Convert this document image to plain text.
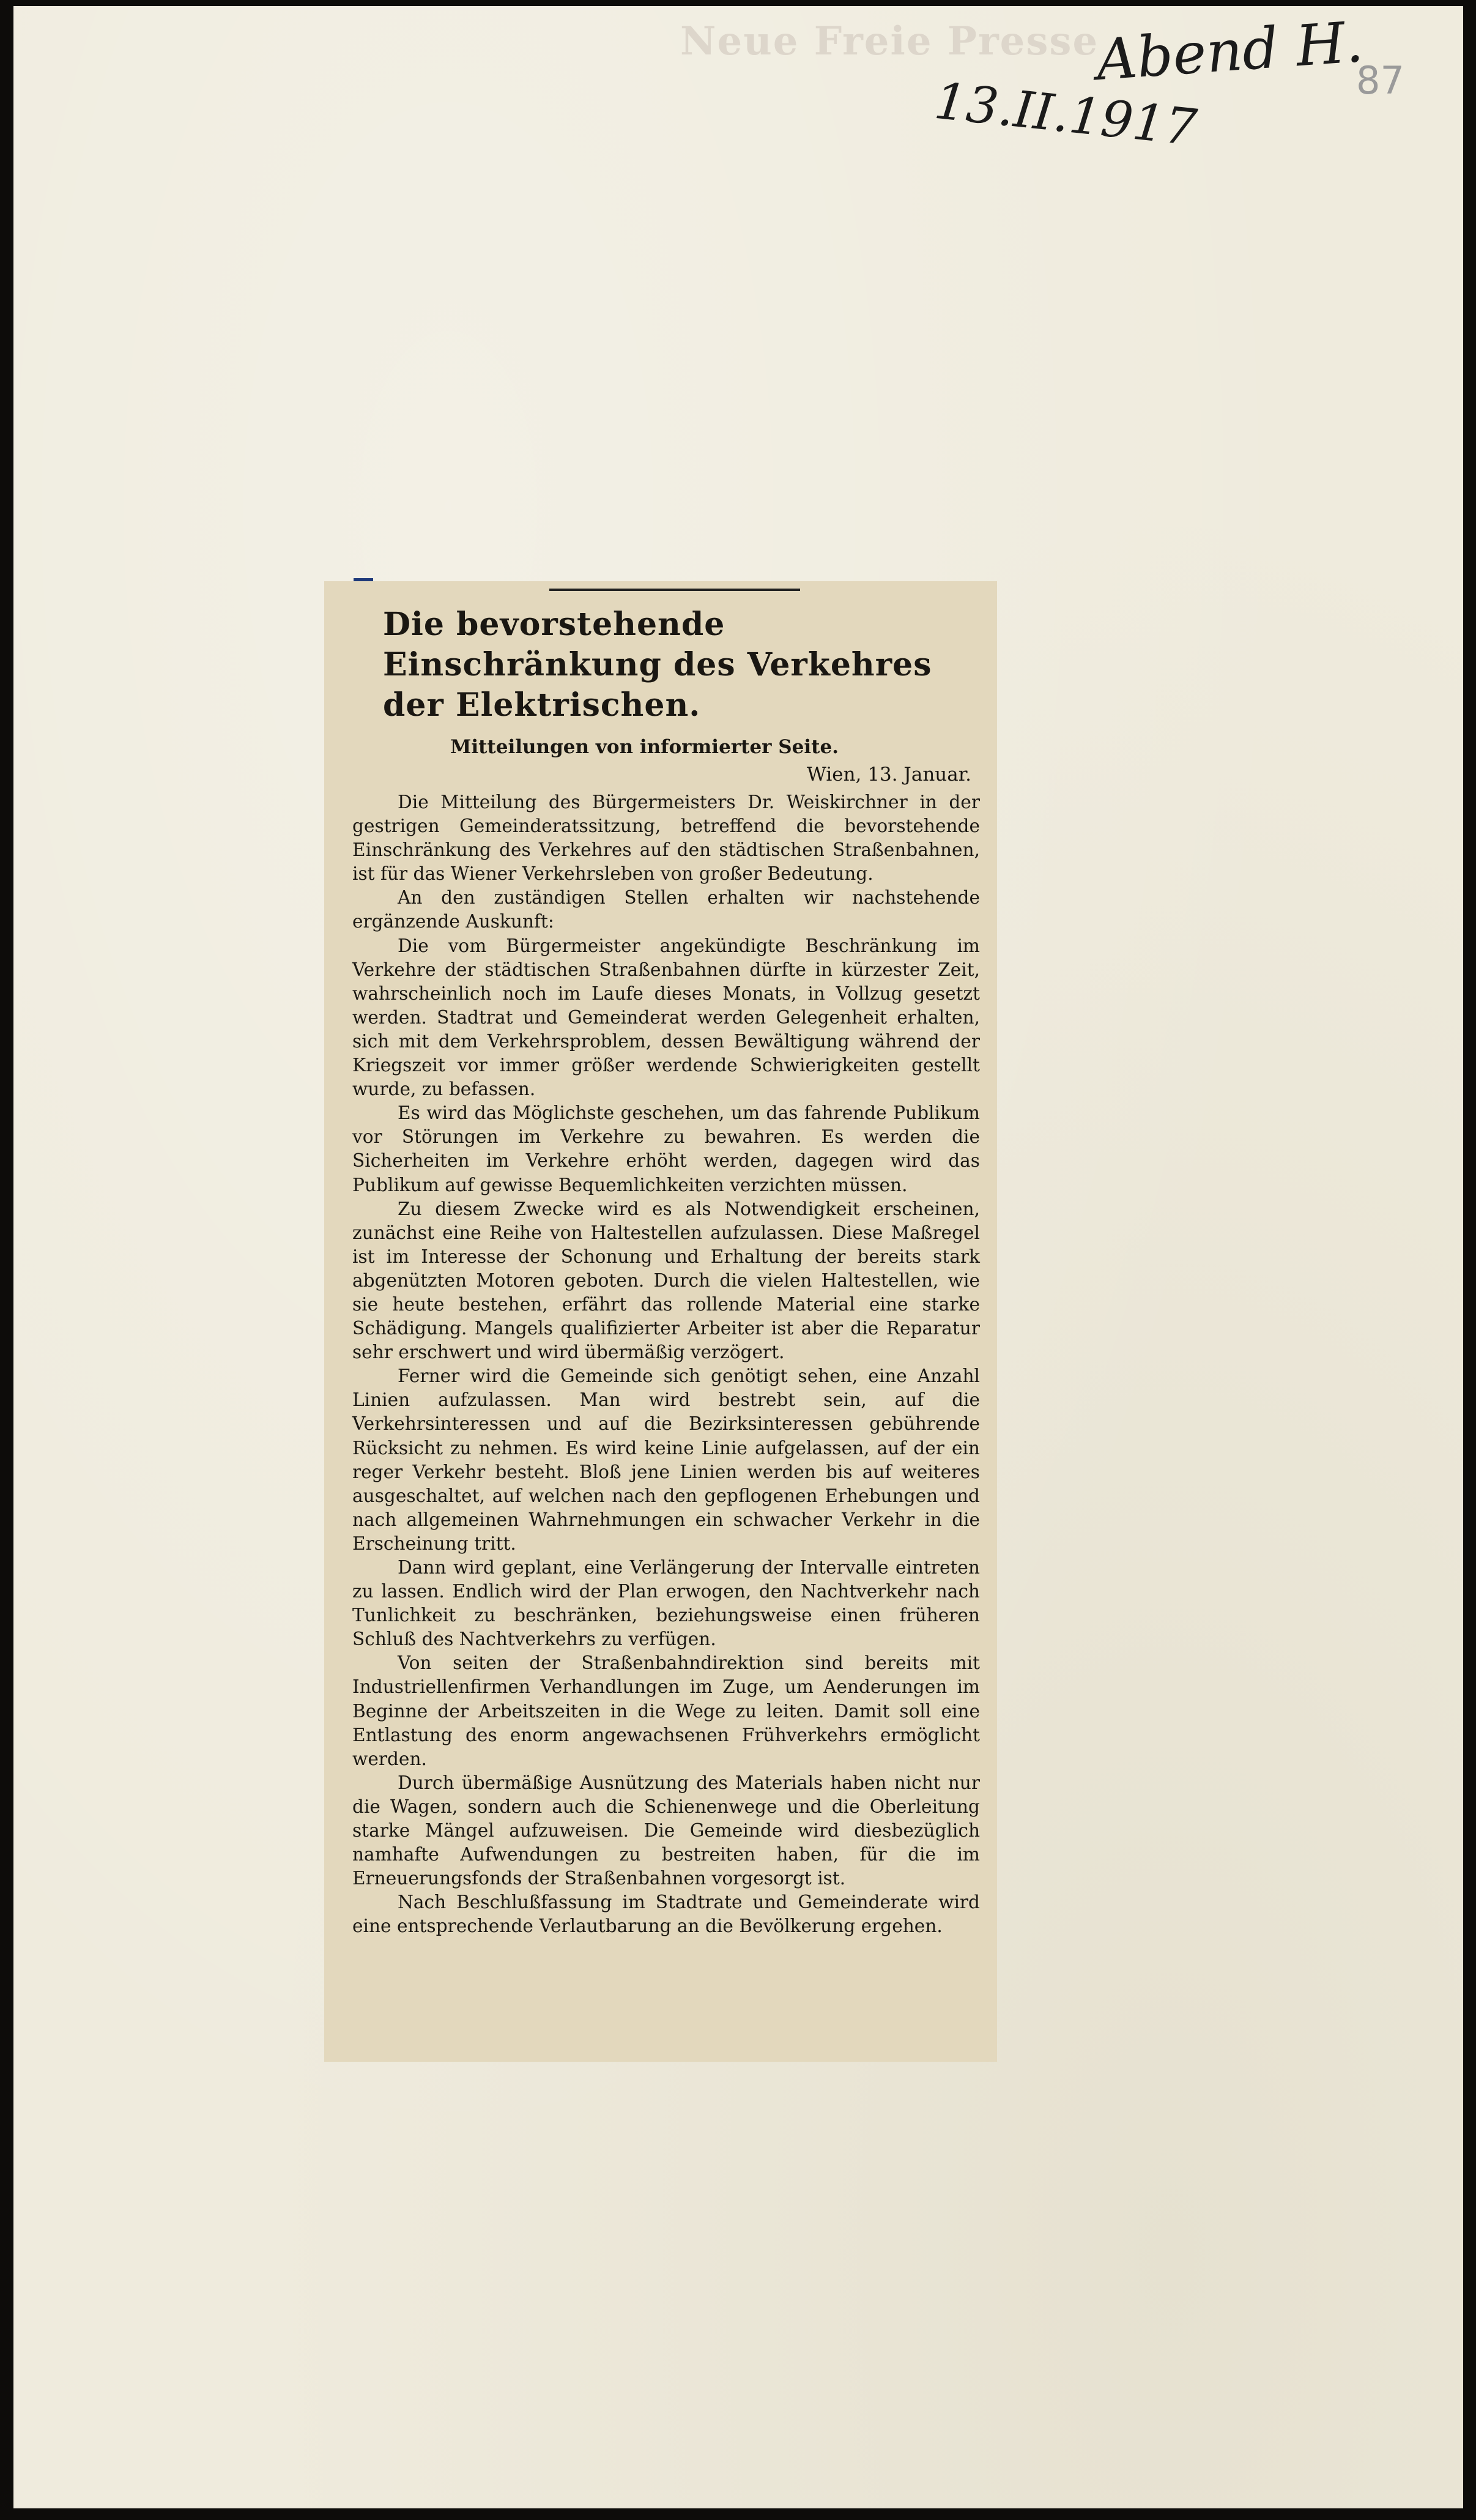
Neue Freie Presse
Abend H.
13.II.1917	87
Die bevorstehende Einschränkung des Verkehres der Elektrischen.
Mitteilungen von informierter Seite.
Wien, 13. Januar.

Die Mitteilung des Bürgermeisters Dr. Weiskirchner in der gestrigen Gemeinderatssitzung, betreffend die bevorstehende Einschränkung des Verkehres auf den städtischen Straßenbahnen, ist für das Wiener Verkehrsleben von großer Bedeutung.

An den zuständigen Stellen erhalten wir nachstehende ergänzende Auskunft:

Die vom Bürgermeister angekündigte Beschränkung im Verkehre der städtischen Straßenbahnen dürfte in kürzester Zeit, wahrscheinlich noch im Laufe dieses Monats, in Vollzug gesetzt werden. Stadtrat und Gemeinderat werden Gelegenheit erhalten, sich mit dem Verkehrsproblem, dessen Bewältigung während der Kriegszeit vor immer größer werdende Schwierigkeiten gestellt wurde, zu befassen.

Es wird das Möglichste geschehen, um das fahrende Publikum vor Störungen im Verkehre zu bewahren. Es werden die Sicherheiten im Verkehre erhöht werden, dagegen wird das Publikum auf gewisse Bequemlichkeiten verzichten müssen.

Zu diesem Zwecke wird es als Notwendigkeit erscheinen, zunächst eine Reihe von Haltestellen aufzulassen. Diese Maßregel ist im Interesse der Schonung und Erhaltung der bereits stark abgenützten Motoren geboten. Durch die vielen Haltestellen, wie sie heute bestehen, erfährt das rollende Material eine starke Schädigung. Mangels qualifizierter Arbeiter ist aber die Reparatur sehr erschwert und wird übermäßig verzögert.

Ferner wird die Gemeinde sich genötigt sehen, eine Anzahl Linien aufzulassen. Man wird bestrebt sein, auf die Verkehrsinteressen und auf die Bezirksinteressen gebührende Rücksicht zu nehmen. Es wird keine Linie aufgelassen, auf der ein reger Verkehr besteht. Bloß jene Linien werden bis auf weiteres ausgeschaltet, auf welchen nach den gepflogenen Erhebungen und nach allgemeinen Wahrnehmungen ein schwacher Verkehr in die Erscheinung tritt.

Dann wird geplant, eine Verlängerung der Intervalle eintreten zu lassen. Endlich wird der Plan erwogen, den Nachtverkehr nach Tunlichkeit zu beschränken, beziehungsweise einen früheren Schluß des Nachtverkehrs zu verfügen.

Von seiten der Straßenbahndirektion sind bereits mit Industriellenfirmen Verhandlungen im Zuge, um Aenderungen im Beginne der Arbeitszeiten in die Wege zu leiten. Damit soll eine Entlastung des enorm angewachsenen Frühverkehrs ermöglicht werden.

Durch übermäßige Ausnützung des Materials haben nicht nur die Wagen, sondern auch die Schienenwege und die Oberleitung starke Mängel aufzuweisen. Die Gemeinde wird diesbezüglich namhafte Aufwendungen zu bestreiten haben, für die im Erneuerungsfonds der Straßenbahnen vorgesorgt ist.

Nach Beschlußfassung im Stadtrate und Gemeinderate wird eine entsprechende Verlautbarung an die Bevölkerung ergehen.
